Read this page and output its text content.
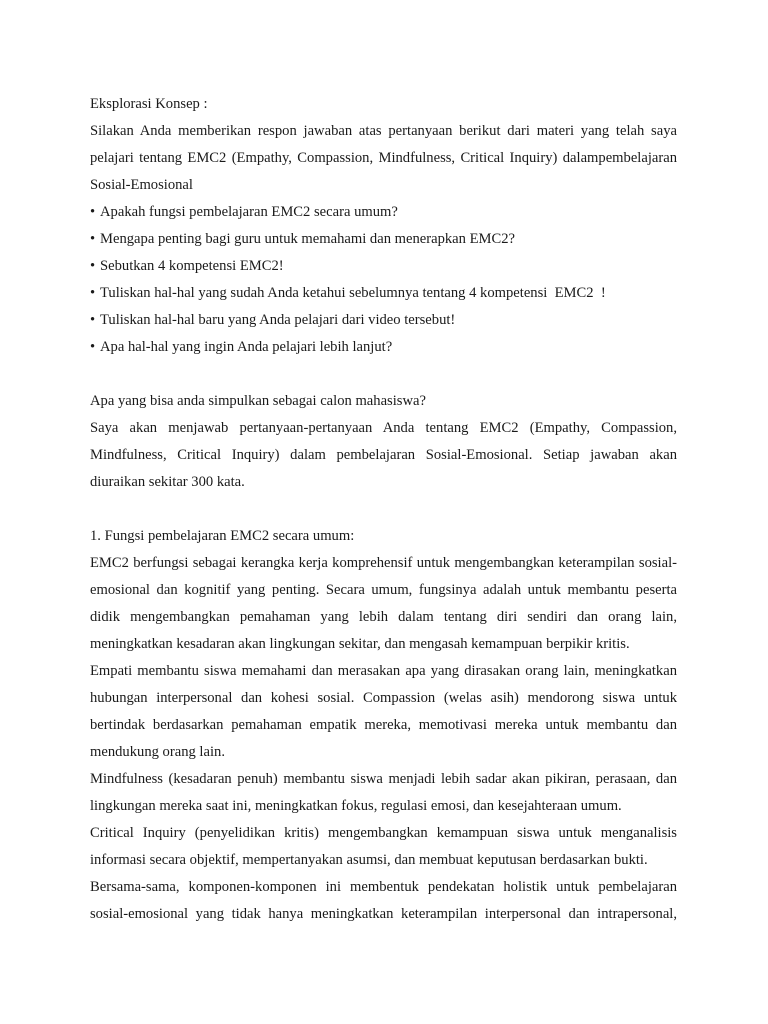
Eksplorasi Konsep :

Silakan Anda memberikan respon jawaban atas pertanyaan berikut dari materi yang telah saya pelajari tentang EMC2 (Empathy, Compassion, Mindfulness, Critical Inquiry) dalampembelajaran Sosial-Emosional

• Apakah fungsi pembelajaran EMC2 secara umum?
• Mengapa penting bagi guru untuk memahami dan menerapkan EMC2?
• Sebutkan 4 kompetensi EMC2!
• Tuliskan hal-hal yang sudah Anda ketahui sebelumnya tentang 4 kompetensi  EMC2  !
• Tuliskan hal-hal baru yang Anda pelajari dari video tersebut!
• Apa hal-hal yang ingin Anda pelajari lebih lanjut?

Apa yang bisa anda simpulkan sebagai calon mahasiswa?

Saya akan menjawab pertanyaan-pertanyaan Anda tentang EMC2 (Empathy, Compassion, Mindfulness, Critical Inquiry) dalam pembelajaran Sosial-Emosional. Setiap jawaban akan diuraikan sekitar 300 kata.

1. Fungsi pembelajaran EMC2 secara umum:

EMC2 berfungsi sebagai kerangka kerja komprehensif untuk mengembangkan keterampilan sosial-emosional dan kognitif yang penting. Secara umum, fungsinya adalah untuk membantu peserta didik mengembangkan pemahaman yang lebih dalam tentang diri sendiri dan orang lain, meningkatkan kesadaran akan lingkungan sekitar, dan mengasah kemampuan berpikir kritis.

Empati membantu siswa memahami dan merasakan apa yang dirasakan orang lain, meningkatkan hubungan interpersonal dan kohesi sosial. Compassion (welas asih) mendorong siswa untuk bertindak berdasarkan pemahaman empatik mereka, memotivasi mereka untuk membantu dan mendukung orang lain.

Mindfulness (kesadaran penuh) membantu siswa menjadi lebih sadar akan pikiran, perasaan, dan lingkungan mereka saat ini, meningkatkan fokus, regulasi emosi, dan kesejahteraan umum.

Critical Inquiry (penyelidikan kritis) mengembangkan kemampuan siswa untuk menganalisis informasi secara objektif, mempertanyakan asumsi, dan membuat keputusan berdasarkan bukti.

Bersama-sama, komponen-komponen ini membentuk pendekatan holistik untuk pembelajaran sosial-emosional yang tidak hanya meningkatkan keterampilan interpersonal dan intrapersonal,
